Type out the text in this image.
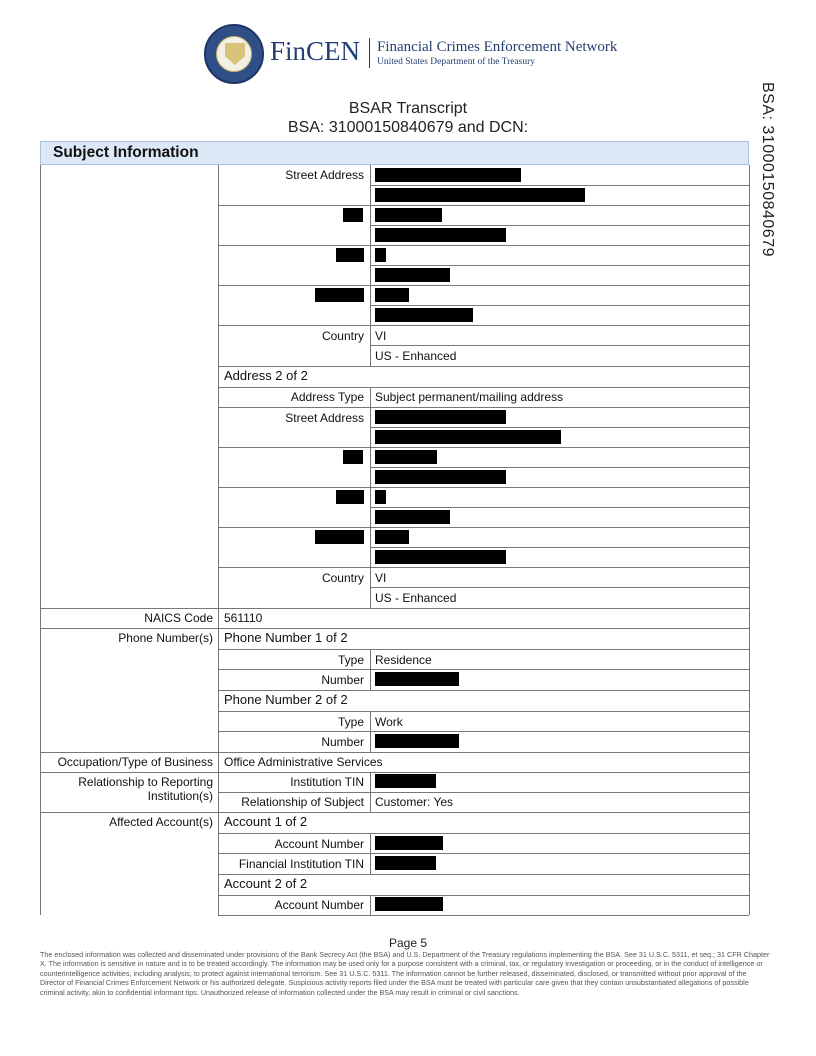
FinCEN Financial Crimes Enforcement Network
United States Department of the Treasury
BSA: 31000150840679
BSAR Transcript
BSA: 31000150840679 and DCN:
Subject Information
Street Address
Country VI
US - Enhanced
Address 2 of 2
Address Type Subject permanent/mailing address
Street Address
Country VI
US - Enhanced
NAICS Code 561110
Phone Number(s) Phone Number 1 of 2
Type Residence
Number
Phone Number 2 of 2
Type Work
Number
Occupation/Type of Business Office Administrative Services
Relationship to Reporting Institution(s)
Institution TIN
Relationship of Subject Customer: Yes
Affected Account(s) Account 1 of 2
Account Number
Financial Institution TIN
Account 2 of 2
Account Number
Page 5
The enclosed information was collected and disseminated under provisions of the Bank Secrecy Act (the BSA) and U.S. Department of the Treasury regulations implementing the BSA. See 31 U.S.C. 5311, et seq.; 31 CFR Chapter X. The information is sensitive in nature and is to be treated accordingly. The information may be used only for a purpose consistent with a criminal, tax, or regulatory investigation or proceeding, or in the conduct of intelligence or counterintelligence activities, including analysis; to protect against international terrorism. See 31 U.S.C. 5311. The information cannot be further released, disseminated, disclosed, or transmitted without prior approval of the Director of Financial Crimes Enforcement Network or his authorized delegate. Suspicious activity reports filed under the BSA must be treated with particular care given that they contain unsubstantiated allegations of possible criminal activity, akin to confidential informant tips. Unauthorized release of information collected under the BSA may result in criminal or civil sanctions.
